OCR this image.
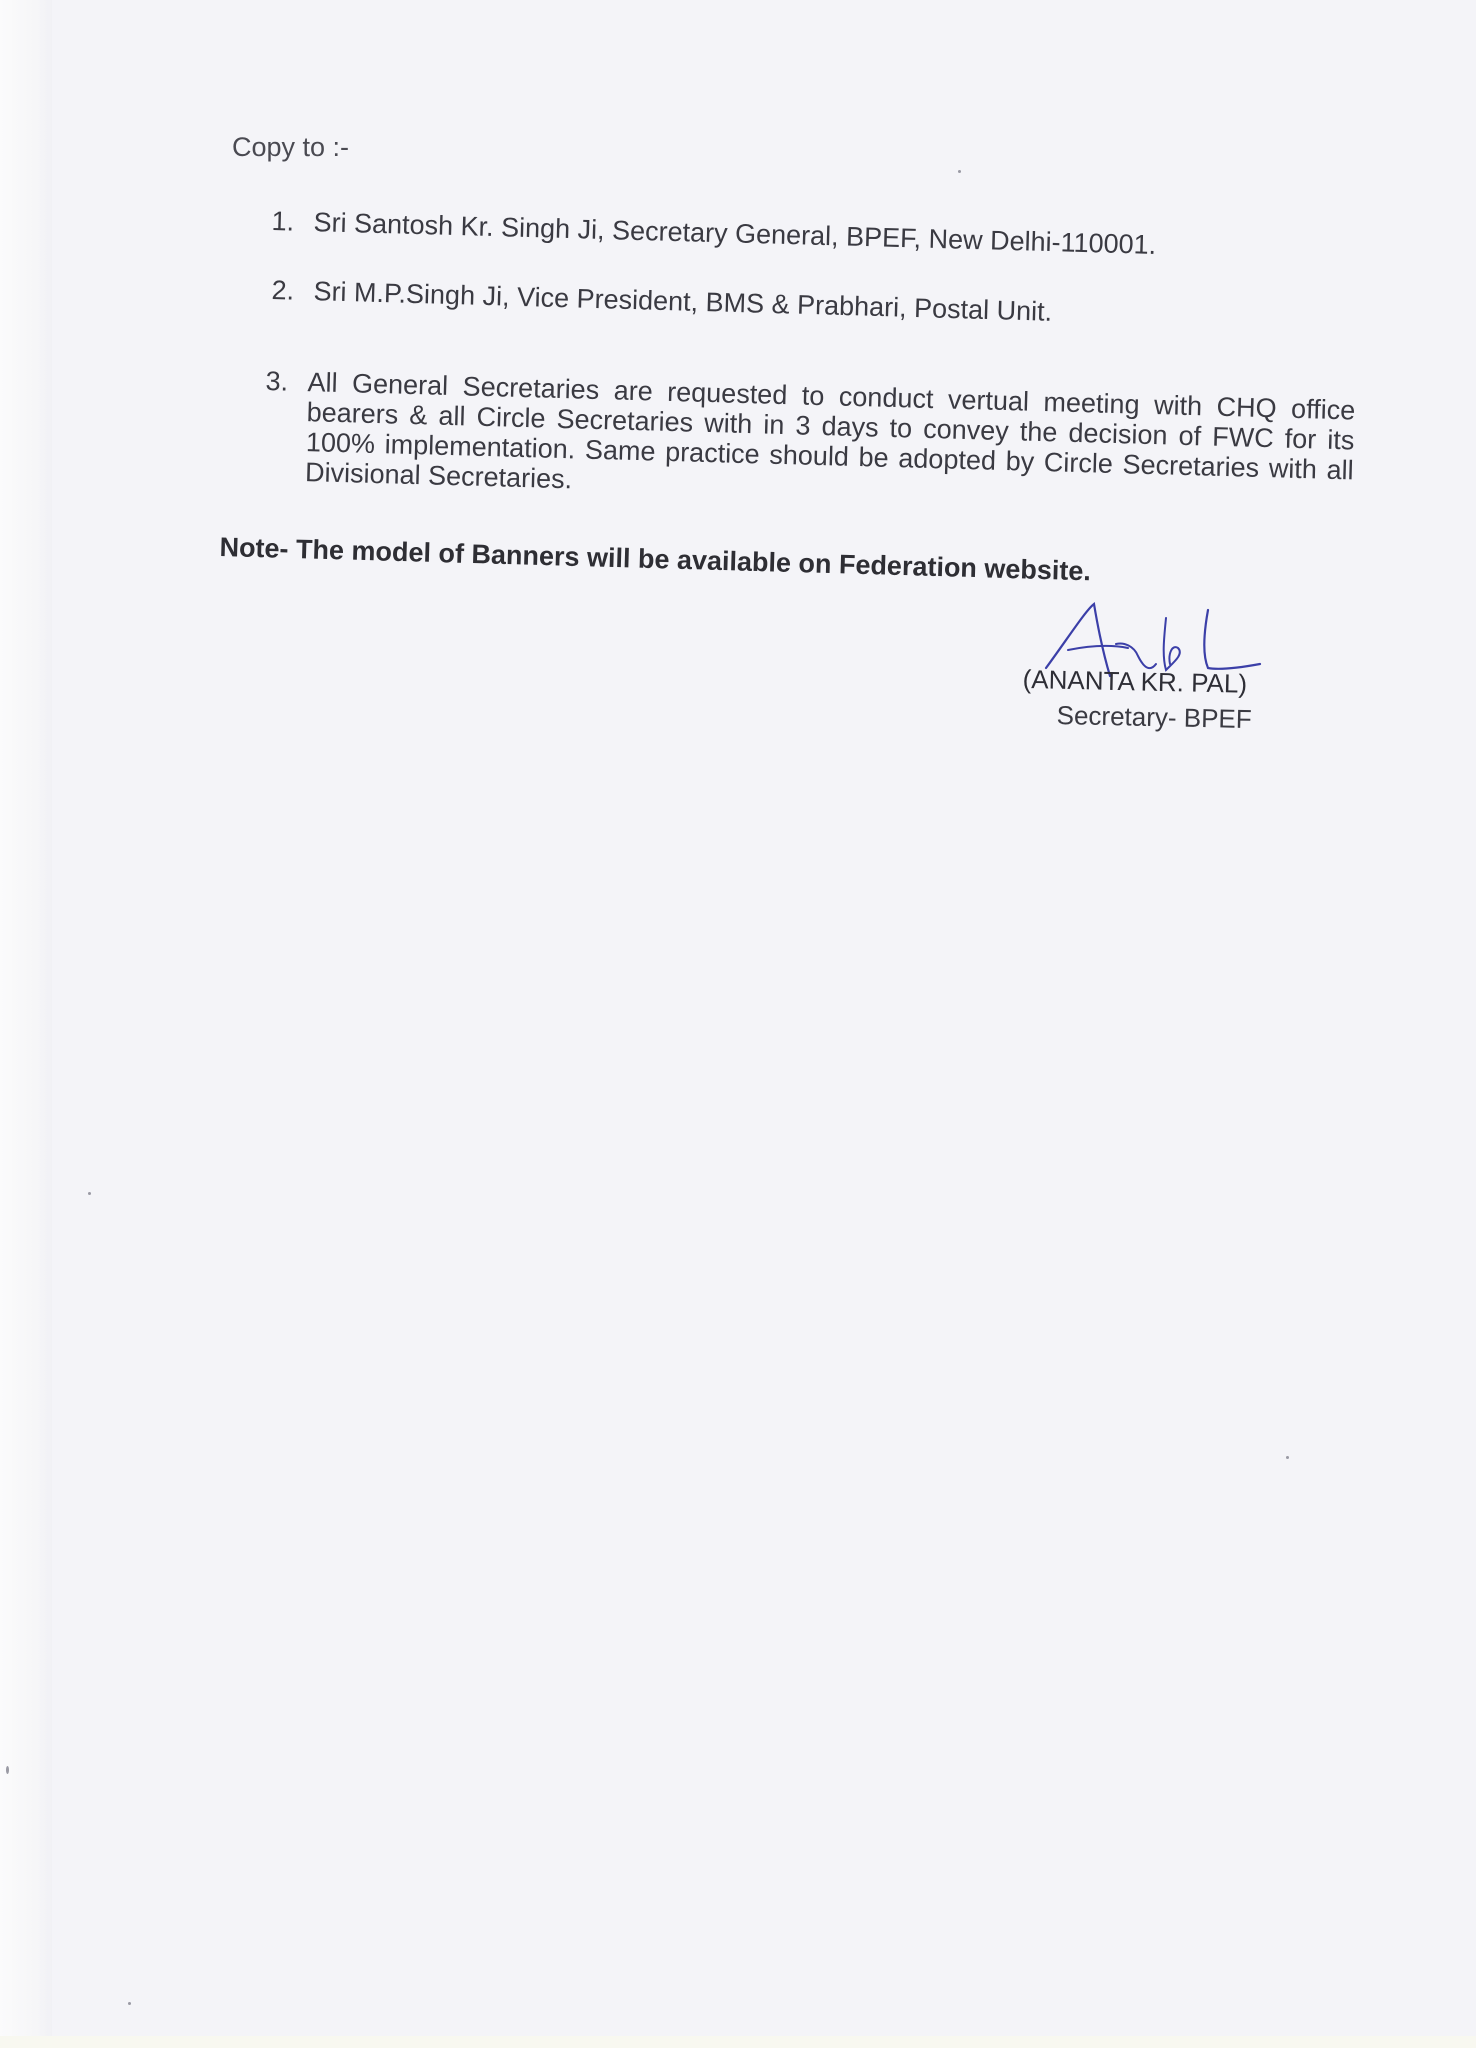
Copy to :-
1. Sri Santosh Kr. Singh Ji, Secretary General, BPEF, New Delhi-110001.
2. Sri M.P.Singh Ji, Vice President, BMS & Prabhari, Postal Unit.
3. All General Secretaries are requested to conduct vertual meeting with CHQ office bearers & all Circle Secretaries with in 3 days to convey the decision of FWC for its 100% implementation. Same practice should be adopted by Circle Secretaries with all Divisional Secretaries.
Note- The model of Banners will be available on Federation website.
(ANANTA KR. PAL)
Secretary- BPEF
